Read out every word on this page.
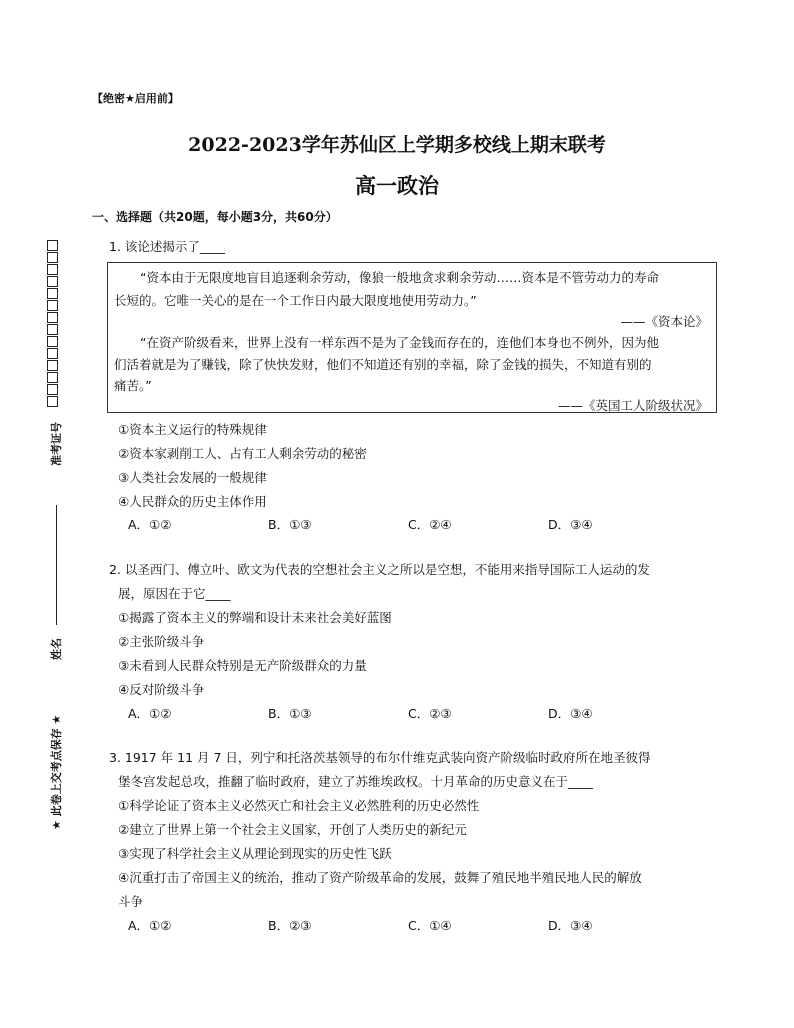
准考证号
姓名
★ 此卷上交考点保存 ★
【绝密★启用前】
2022-2023学年苏仙区上学期多校线上期末联考
高一政治
一、选择题（共20题，每小题3分，共60分）
1. 该论述揭示了____
“资本由于无限度地盲目追逐剩余劳动，像狼一般地贪求剩余劳动……资本是不管劳动力的寿命
长短的。它唯一关心的是在一个工作日内最大限度地使用劳动力。”
——《资本论》
“在资产阶级看来，世界上没有一样东西不是为了金钱而存在的，连他们本身也不例外，因为他
们活着就是为了赚钱，除了快快发财，他们不知道还有别的幸福，除了金钱的损失，不知道有别的
痛苦。”
——《英国工人阶级状况》
①资本主义运行的特殊规律
②资本家剥削工人、占有工人剩余劳动的秘密
③人类社会发展的一般规律
④人民群众的历史主体作用
A．①②	B．①③	C．②④	D．③④
2. 以圣西门、傅立叶、欧文为代表的空想社会主义之所以是空想，不能用来指导国际工人运动的发
展，原因在于它____
①揭露了资本主义的弊端和设计未来社会美好蓝图
②主张阶级斗争
③未看到人民群众特别是无产阶级群众的力量
④反对阶级斗争
A．①②	B．①③	C．②③	D．③④
3. 1917 年 11 月 7 日，列宁和托洛茨基领导的布尔什维克武装向资产阶级临时政府所在地圣彼得
堡冬宫发起总攻，推翻了临时政府，建立了苏维埃政权。十月革命的历史意义在于____
①科学论证了资本主义必然灭亡和社会主义必然胜利的历史必然性
②建立了世界上第一个社会主义国家，开创了人类历史的新纪元
③实现了科学社会主义从理论到现实的历史性飞跃
④沉重打击了帝国主义的统治，推动了资产阶级革命的发展，鼓舞了殖民地半殖民地人民的解放
斗争
A．①②	B．②③	C．①④	D．③④
